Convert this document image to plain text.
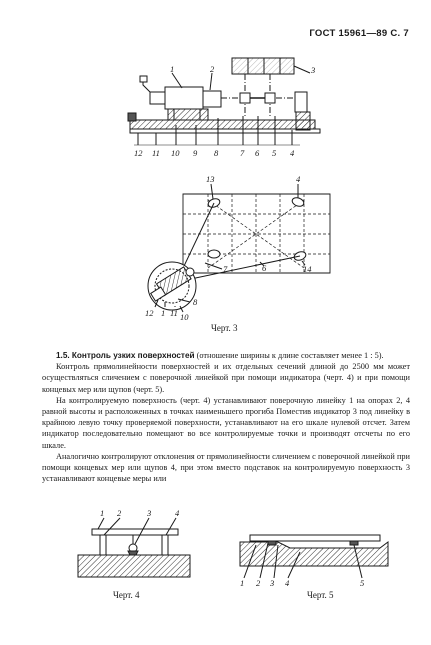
ГОСТ 15961—89 С. 7
1	2	3
12 11 10 9 8	7 6 5 4
13	4
7	6	14
8
12 1 11 10
Черт. 3

1.5. Контроль узких поверхностей (отношение ширины к длине составляет менее 1 : 5).

Контроль прямолинейности поверхностей и их отдельных сечений длиной до 2500 мм может осуществляться сличением с поверочной линейкой при помощи индикатора (черт. 4) и при помощи концевых мер или щупов (черт. 5).

На контролируемую поверхность (черт. 4) устанавливают поверочную линейку 1 на опорах 2, 4 равной высоты и расположенных в точках наименьшего прогиба Поместив индикатор 3 под линейку в крайнюю левую точку проверяемой поверхности, устанавливают на его шкале нулевой отсчет. Затем индикатор последовательно помещают во все контролируемые точки и производят отсчеты по его шкале.

Аналогично контролируют отклонения от прямолинейности сличением с поверочной линейкой при помощи концевых мер или щупов 4, при этом вместо подставок на контролируемую поверхность 3 устанавливают концевые меры или

1 2	3	4
Черт. 4
1 2 3 4	5
Черт. 5
